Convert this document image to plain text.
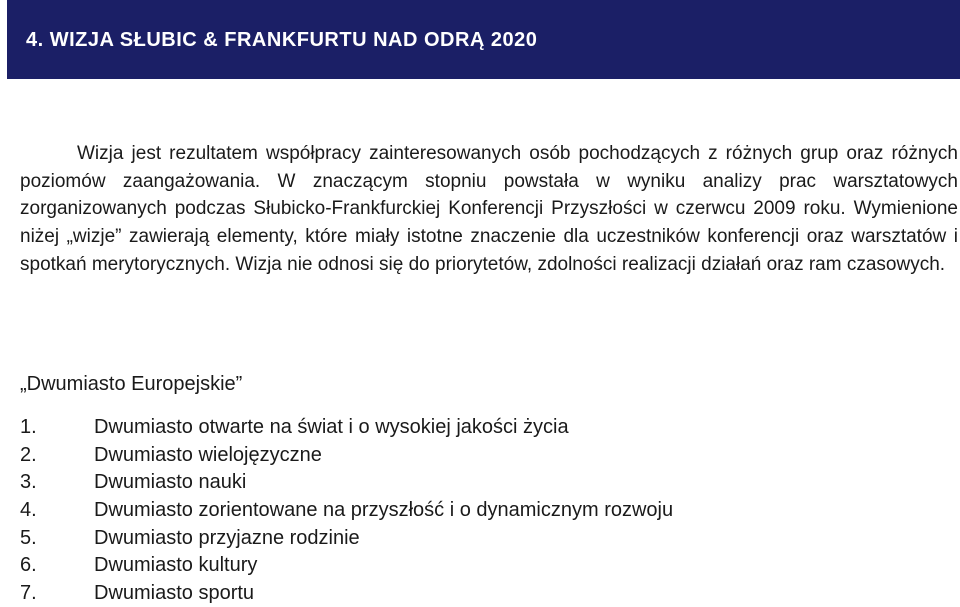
4. WIZJA SŁUBIC & FRANKFURTU NAD ODRĄ 2020

Wizja jest rezultatem współpracy zainteresowanych osób pochodzących z różnych grup oraz różnych poziomów zaangażowania. W znaczącym stopniu powstała w wyniku analizy prac warsztatowych zorganizowanych podczas Słubicko-Frankfurckiej Konferencji Przyszłości w czerwcu 2009 roku. Wymienione niżej „wizje” zawierają elementy, które miały istotne znaczenie dla uczestników konferencji oraz warsztatów i spotkań merytorycznych. Wizja nie odnosi się do priorytetów, zdolności realizacji działań oraz ram czasowych.

„Dwumiasto Europejskie”

1.	Dwumiasto otwarte na świat i o wysokiej jakości życia
2.	Dwumiasto wielojęzyczne
3.	Dwumiasto nauki
4.	Dwumiasto zorientowane na przyszłość i o dynamicznym rozwoju
5.	Dwumiasto przyjazne rodzinie
6.	Dwumiasto kultury
7.	Dwumiasto sportu
